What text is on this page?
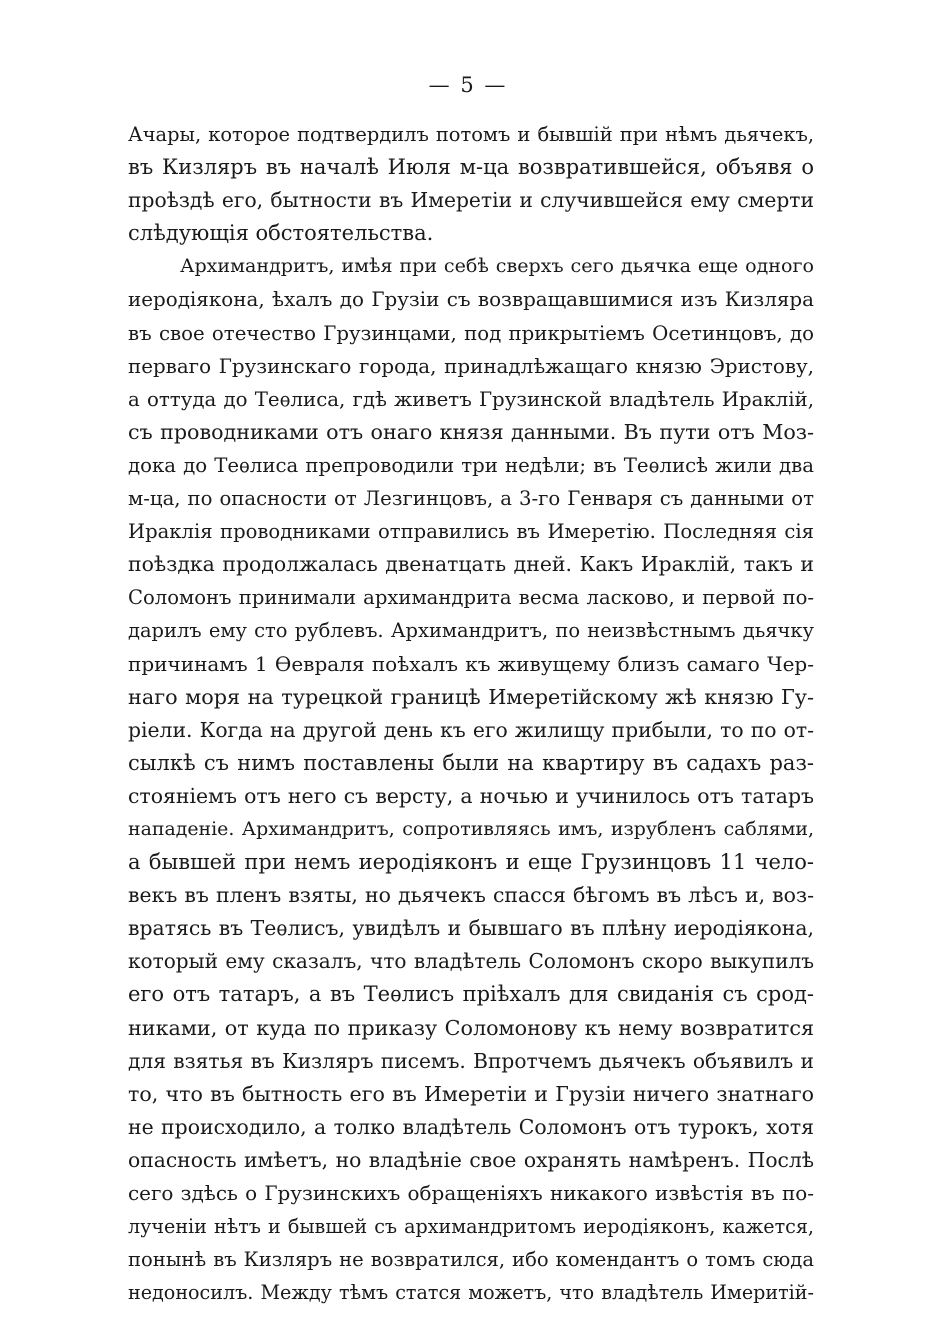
— 5 —
Ачары, которое подтвердилъ потомъ и бывшій при нѣмъ дьячекъ,
въ Кизляръ въ началѣ Июля м-ца возвратившейся, объявя о
проѣздѣ его, бытности въ Имеретіи и случившейся ему смерти
слѣдующія обстоятельства.
Архимандритъ, имѣя при себѣ сверхъ сего дьячка еще одного
иеродіякона, ѣхалъ до Грузіи съ возвращавшимися изъ Кизляра
въ свое отечество Грузинцами, под прикрытіемъ Осетинцовъ, до
перваго Грузинскаго города, принадлѣжащаго князю Эристову,
а оттуда до Теѳлиса, гдѣ живетъ Грузинской владѣтель Ираклій,
съ проводниками отъ онаго князя данными. Въ пути отъ Моз-
дока до Теѳлиса препроводили три недѣли; въ Теѳлисѣ жили два
м-ца, по опасности от Лезгинцовъ, а 3-го Генваря съ данными от
Ираклія проводниками отправились въ Имеретію. Последняя сія
поѣздка продолжалась двенатцать дней. Какъ Ираклій, такъ и
Соломонъ принимали архимандрита весма ласково, и первой по-
дарилъ ему сто рублевъ. Архимандритъ, по неизвѣстнымъ дьячку
причинамъ 1 Ѳевраля поѣхалъ къ живущему близъ самаго Чер-
наго моря на турецкой границѣ Имеретійскому жѣ князю Гу-
ріели. Когда на другой день къ его жилищу прибыли, то по от-
сылкѣ съ нимъ поставлены были на квартиру въ садахъ раз-
стояніемъ отъ него съ версту, а ночью и учинилось отъ татаръ
нападеніе. Архимандритъ, сопротивляясь имъ, изрубленъ саблями,
а бывшей при немъ иеродіяконъ и еще Грузинцовъ 11 чело-
векъ въ пленъ взяты, но дьячекъ спасся бѣгомъ въ лѣсъ и, воз-
вратясь въ Теѳлисъ, увидѣлъ и бывшаго въ плѣну иеродіякона,
который ему сказалъ, что владѣтель Соломонъ скоро выкупилъ
его отъ татаръ, а въ Теѳлисъ пріѣхалъ для свиданія съ срод-
никами, от куда по приказу Соломонову къ нему возвратится
для взятья въ Кизляръ писемъ. Впротчемъ дьячекъ объявилъ и
то, что въ бытность его въ Имеретіи и Грузіи ничего знатнаго
не происходило, а толко владѣтель Соломонъ отъ турокъ, хотя
опасность имѣетъ, но владѣніе свое охранять намѣренъ. Послѣ
сего здѣсь о Грузинскихъ обращеніяхъ никакого извѣстія въ по-
лученіи нѣтъ и бывшей съ архимандритомъ иеродіяконъ, кажется,
понынѣ въ Кизляръ не возвратился, ибо комендантъ о томъ сюда
недоносилъ. Между тѣмъ статся можетъ, что владѣтель Имеритій-
